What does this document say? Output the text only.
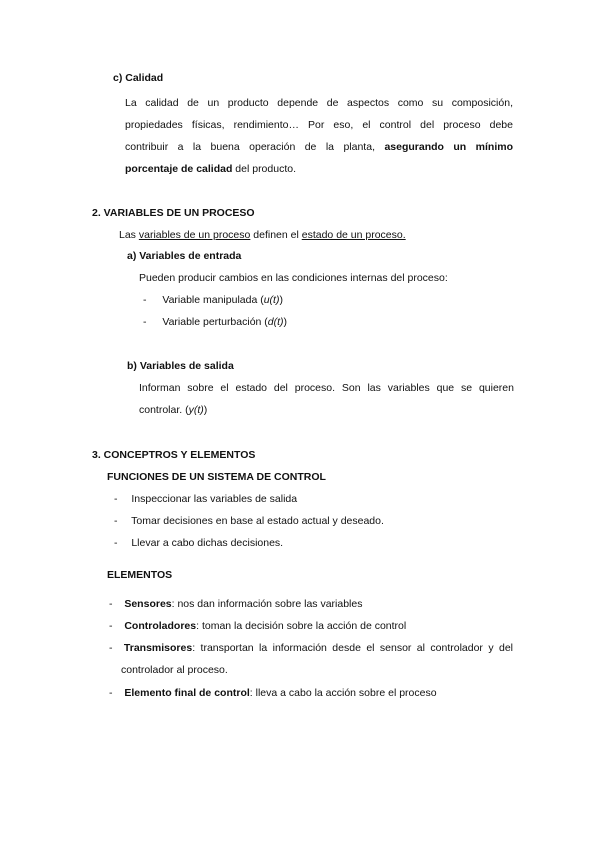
c) Calidad
La calidad de un producto depende de aspectos como su composición,
propiedades físicas, rendimiento… Por eso, el control del proceso debe
contribuir a la buena operación de la planta, asegurando un mínimo
porcentaje de calidad del producto.
2. VARIABLES DE UN PROCESO
Las variables de un proceso definen el estado de un proceso.
a) Variables de entrada
Pueden producir cambios en las condiciones internas del proceso:
- Variable manipulada (u(t))
- Variable perturbación (d(t))
b) Variables de salida
Informan sobre el estado del proceso. Son las variables que se quieren
controlar. (y(t))
3. CONCEPTROS Y ELEMENTOS
FUNCIONES DE UN SISTEMA DE CONTROL
- Inspeccionar las variables de salida
- Tomar decisiones en base al estado actual y deseado.
- Llevar a cabo dichas decisiones.
ELEMENTOS
- Sensores: nos dan información sobre las variables
- Controladores: toman la decisión sobre la acción de control
- Transmisores: transportan la información desde el sensor al controlador y del
controlador al proceso.
- Elemento final de control: lleva a cabo la acción sobre el proceso
